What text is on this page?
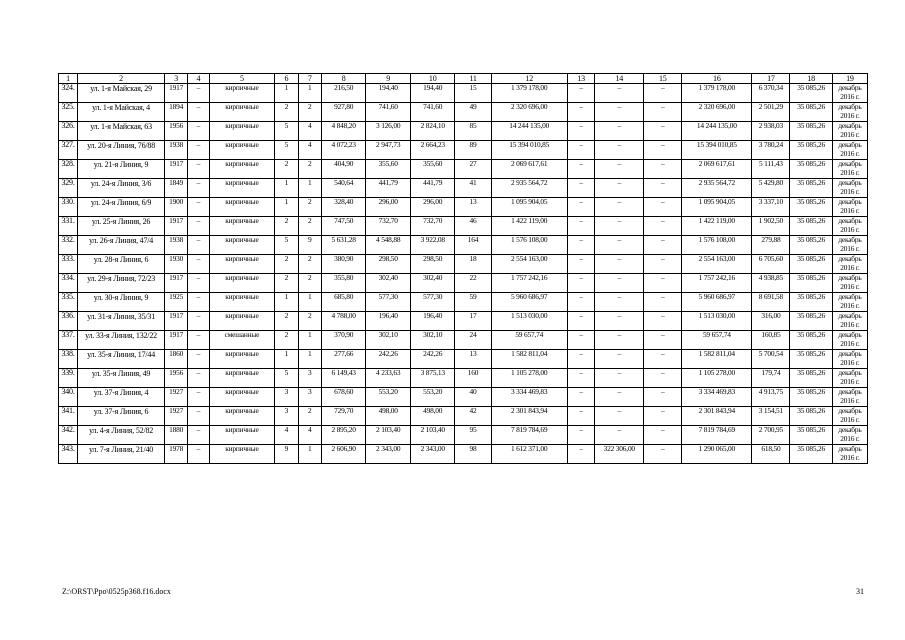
1	2	3	4	5	6	7	8	9	10	11	12	13	14	15	16	17	18	19
324.	ул. 1-я Майская, 29	1917	–	кирпичные	1	1	216,50	194,40	194,40	15	1 379 178,00	–	–	–	1 379 178,00	6 370,34	35 085,26	декабрь 2016 г.
325.	ул. 1-я Майская, 4	1894	–	кирпичные	2	2	927,80	741,60	741,60	49	2 320 696,00	–	–	–	2 320 696,00	2 501,29	35 085,26	декабрь 2016 г.
326.	ул. 1-я Майская, 63	1956	–	кирпичные	5	4	4 848,20	3 126,00	2 824,10	85	14 244 135,00	–	–	–	14 244 135,00	2 938,03	35 085,26	декабрь 2016 г.
327.	ул. 20-я Линия, 76/88	1938	–	кирпичные	5	4	4 072,23	2 947,73	2 664,23	89	15 394 010,85	–	–	–	15 394 010,85	3 780,24	35 085,26	декабрь 2016 г.
328.	ул. 21-я Линия, 9	1917	–	кирпичные	2	2	404,90	355,60	355,60	27	2 069 617,61	–	–	–	2 069 617,61	5 111,43	35 085,26	декабрь 2016 г.
329.	ул. 24-я Линия, 3/6	1849	–	кирпичные	1	1	540,64	441,79	441,79	41	2 935 564,72	–	–	–	2 935 564,72	5 429,80	35 085,26	декабрь 2016 г.
330.	ул. 24-я Линия, 6/9	1900	–	кирпичные	1	2	328,40	296,00	296,00	13	1 095 904,05	–	–	–	1 095 904,05	3 337,10	35 085,26	декабрь 2016 г.
331.	ул. 25-я Линия, 26	1917	–	кирпичные	2	2	747,50	732,70	732,70	46	1 422 119,00	–	–	–	1 422 119,00	1 902,50	35 085,26	декабрь 2016 г.
332.	ул. 26-я Линия, 47/4	1938	–	кирпичные	5	9	5 631,28	4 548,88	3 922,08	164	1 576 108,00	–	–	–	1 576 108,00	279,88	35 085,26	декабрь 2016 г.
333.	ул. 28-я Линия, 6	1930	–	кирпичные	2	2	380,90	298,50	298,50	18	2 554 163,00	–	–	–	2 554 163,00	6 705,60	35 085,26	декабрь 2016 г.
334.	ул. 29-я Линия, 72/23	1917	–	кирпичные	2	2	355,80	302,40	302,40	22	1 757 242,16	–	–	–	1 757 242,16	4 938,85	35 085,26	декабрь 2016 г.
335.	ул. 30-я Линия, 9	1925	–	кирпичные	1	1	685,80	577,30	577,30	59	5 960 686,97	–	–	–	5 960 686,97	8 691,58	35 085,26	декабрь 2016 г.
336.	ул. 31-я Линия, 35/31	1917	–	кирпичные	2	2	4 788,00	196,40	196,40	17	1 513 030,00	–	–	–	1 513 030,00	316,00	35 085,26	декабрь 2016 г.
337.	ул. 33-я Линия, 132/22	1917	–	смешанные	2	1	370,90	302,10	302,10	24	59 657,74	–	–	–	59 657,74	160,85	35 085,26	декабрь 2016 г.
338.	ул. 35-я Линия, 17/44	1860	–	кирпичные	1	1	277,66	242,26	242,26	13	1 582 811,04	–	–	–	1 582 811,04	5 700,54	35 085,26	декабрь 2016 г.
339.	ул. 35-я Линия, 49	1956	–	кирпичные	5	3	6 149,43	4 233,63	3 875,13	160	1 105 278,00	–	–	–	1 105 278,00	179,74	35 085,26	декабрь 2016 г.
340.	ул. 37-я Линия, 4	1927	–	кирпичные	3	3	678,60	553,20	553,20	40	3 334 469,83	–	–	–	3 334 469,83	4 913,75	35 085,26	декабрь 2016 г.
341.	ул. 37-я Линия, 6	1927	–	кирпичные	3	2	729,70	498,00	498,00	42	2 301 843,94	–	–	–	2 301 843,94	3 154,51	35 085,26	декабрь 2016 г.
342.	ул. 4-я Линия, 52/82	1880	–	кирпичные	4	4	2 895,20	2 103,40	2 103,40	95	7 819 784,69	–	–	–	7 819 784,69	2 700,95	35 085,26	декабрь 2016 г.
343.	ул. 7-я Линия, 21/40	1978	–	кирпичные	9	1	2 606,90	2 343,00	2 343,00	98	1 612 371,00	–	322 306,00	–	1 290 065,00	618,50	35 085,26	декабрь 2016 г.
Z:\ORST\Ppo\0525p368.f16.docx	31
